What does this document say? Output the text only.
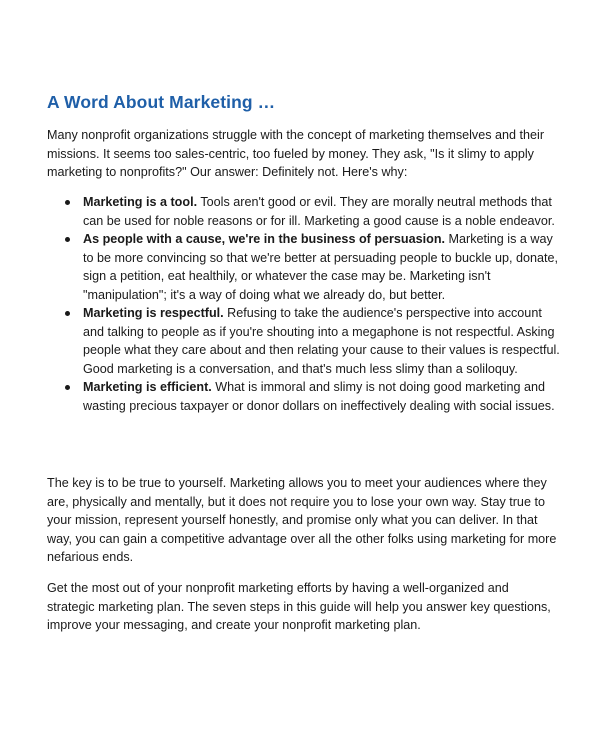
A Word About Marketing …

Many nonprofit organizations struggle with the concept of marketing themselves and their missions. It seems too sales-centric, too fueled by money. They ask, "Is it slimy to apply marketing to nonprofits?" Our answer: Definitely not. Here's why:

Marketing is a tool. Tools aren't good or evil. They are morally neutral methods that can be used for noble reasons or for ill. Marketing a good cause is a noble endeavor.
As people with a cause, we're in the business of persuasion. Marketing is a way to be more convincing so that we're better at persuading people to buckle up, donate, sign a petition, eat healthily, or whatever the case may be. Marketing isn't "manipulation"; it's a way of doing what we already do, but better.
Marketing is respectful. Refusing to take the audience's perspective into account and talking to people as if you're shouting into a megaphone is not respectful. Asking people what they care about and then relating your cause to their values is respectful. Good marketing is a conversation, and that's much less slimy than a soliloquy.
Marketing is efficient. What is immoral and slimy is not doing good marketing and wasting precious taxpayer or donor dollars on ineffectively dealing with social issues.

The key is to be true to yourself. Marketing allows you to meet your audiences where they are, physically and mentally, but it does not require you to lose your own way. Stay true to your mission, represent yourself honestly, and promise only what you can deliver. In that way, you can gain a competitive advantage over all the other folks using marketing for more nefarious ends.

Get the most out of your nonprofit marketing efforts by having a well-organized and strategic marketing plan. The seven steps in this guide will help you answer key questions, improve your messaging, and create your nonprofit marketing plan.
